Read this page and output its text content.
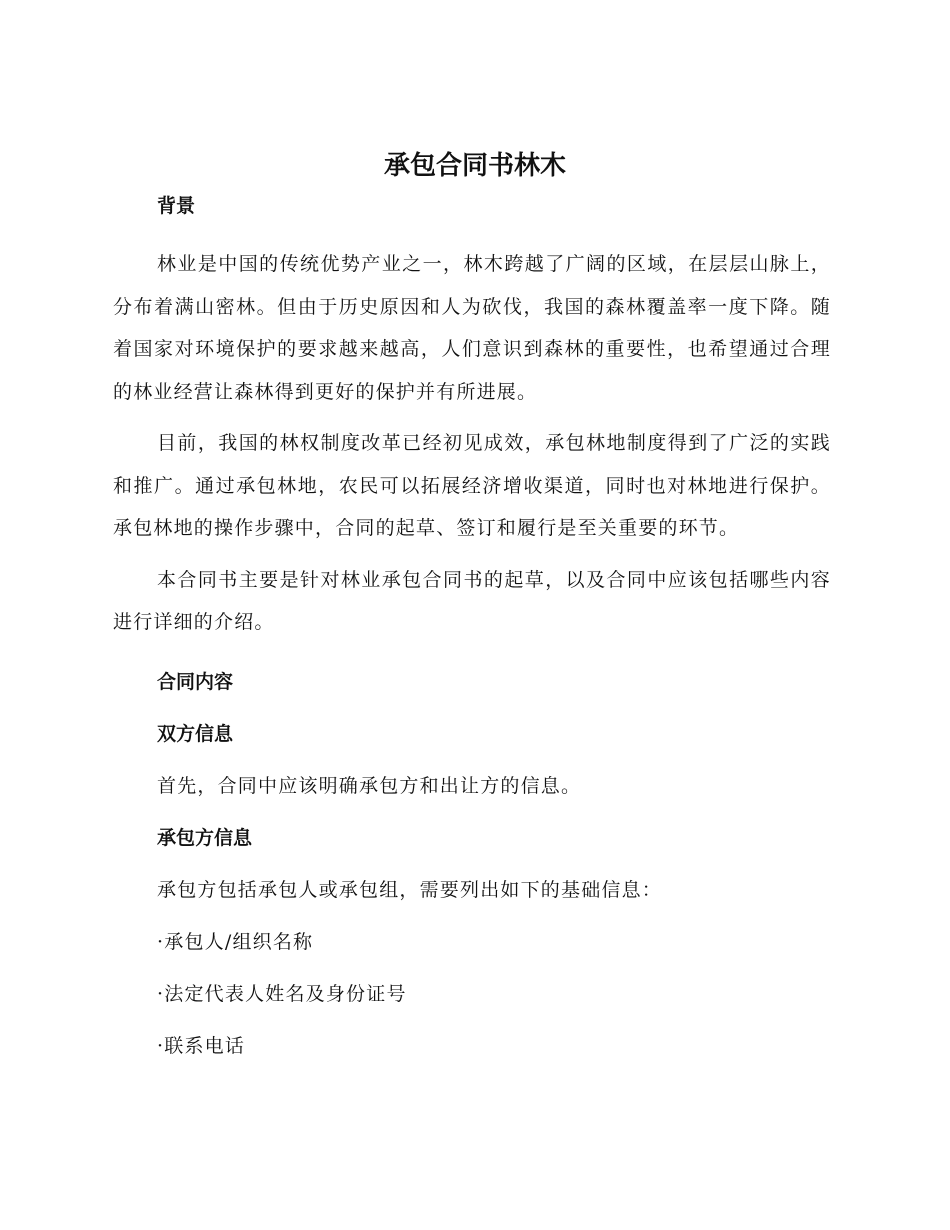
承包合同书林木
背景

林业是中国的传统优势产业之一，林木跨越了广阔的区域，在层层山脉上，分布着满山密林。但由于历史原因和人为砍伐，我国的森林覆盖率一度下降。随着国家对环境保护的要求越来越高，人们意识到森林的重要性，也希望通过合理的林业经营让森林得到更好的保护并有所进展。

目前，我国的林权制度改革已经初见成效，承包林地制度得到了广泛的实践和推广。通过承包林地，农民可以拓展经济增收渠道，同时也对林地进行保护。承包林地的操作步骤中，合同的起草、签订和履行是至关重要的环节。

本合同书主要是针对林业承包合同书的起草，以及合同中应该包括哪些内容进行详细的介绍。

合同内容
双方信息

首先，合同中应该明确承包方和出让方的信息。

承包方信息

承包方包括承包人或承包组，需要列出如下的基础信息：

·承包人/组织名称

·法定代表人姓名及身份证号

·联系电话
